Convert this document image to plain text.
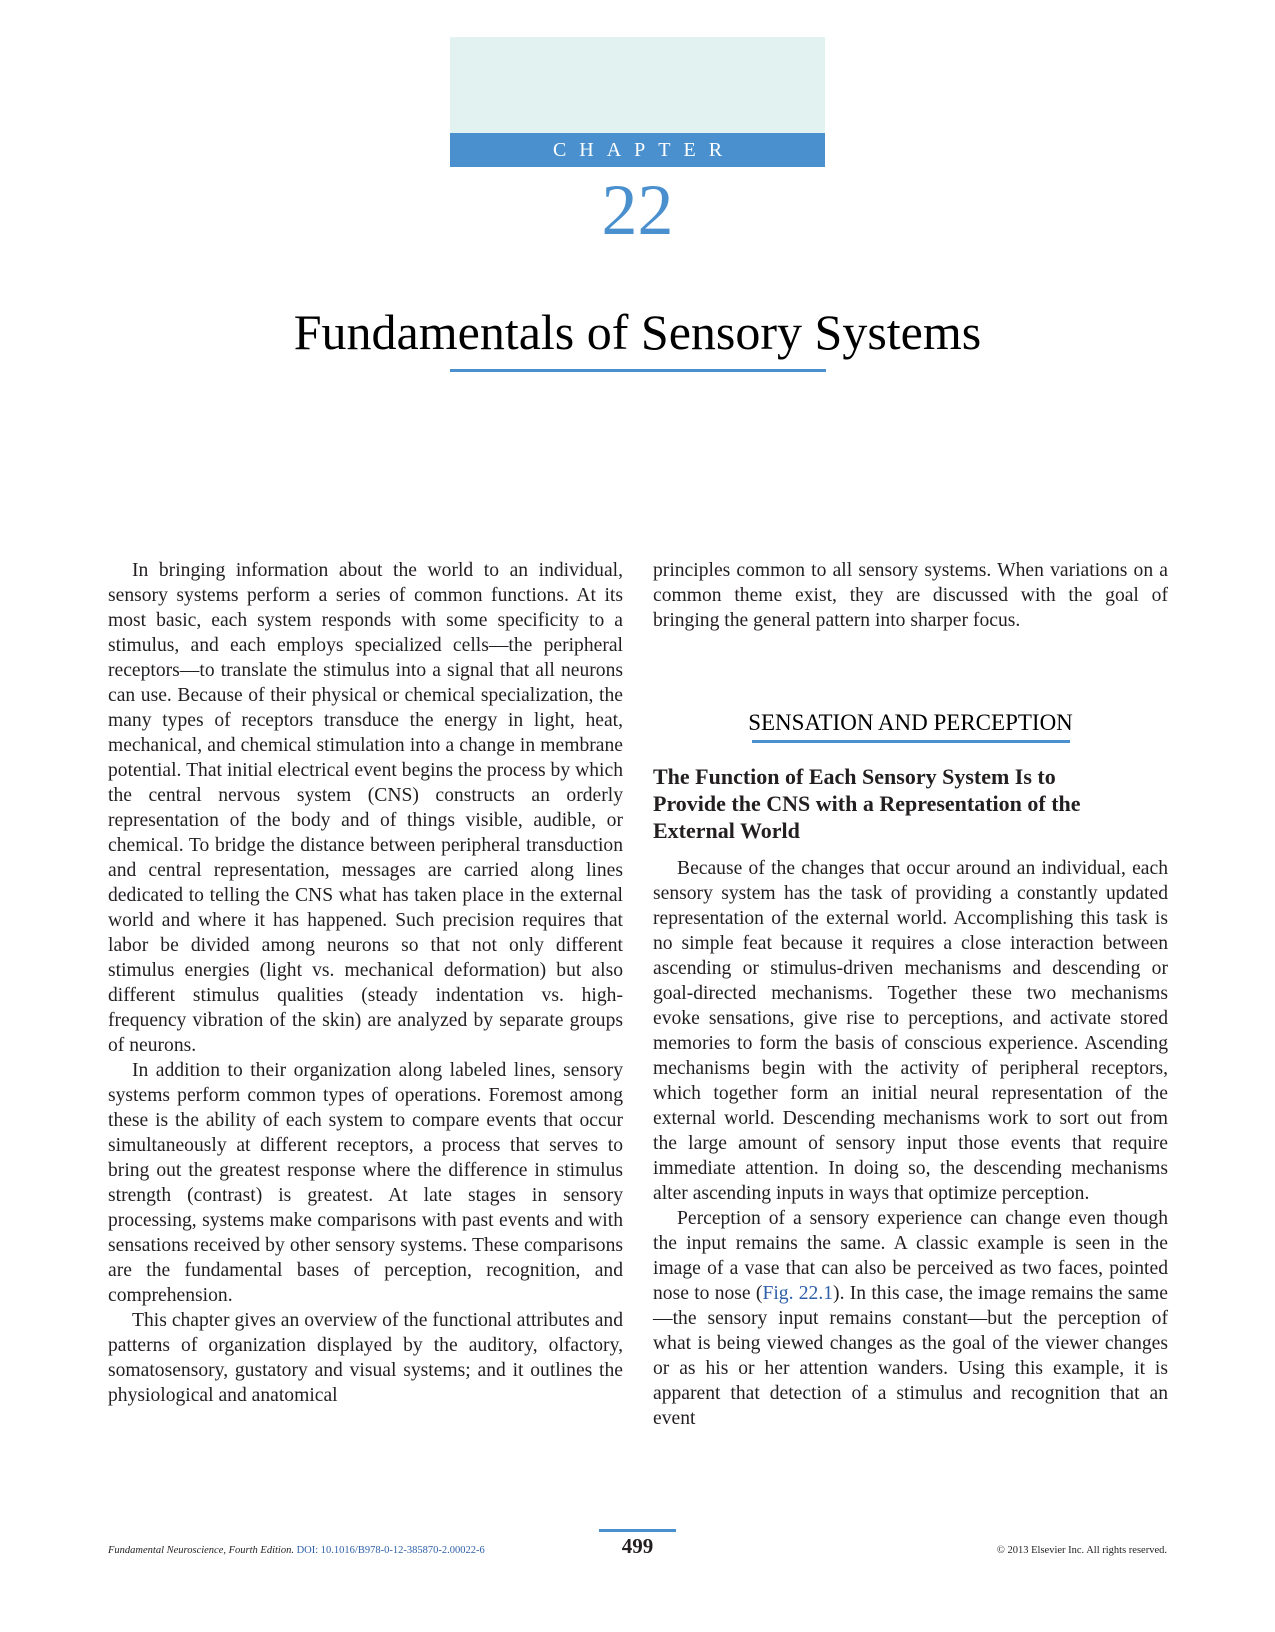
CHAPTER
22
Fundamentals of Sensory Systems

In bringing information about the world to an individual, sensory systems perform a series of common functions. At its most basic, each system responds with some specificity to a stimulus, and each employs specialized cells—the peripheral receptors—to translate the stimulus into a signal that all neurons can use. Because of their physical or chemical specialization, the many types of receptors transduce the energy in light, heat, mechanical, and chemical stimulation into a change in membrane potential. That initial electrical event begins the process by which the central nervous system (CNS) constructs an orderly representation of the body and of things visible, audible, or chemical. To bridge the distance between peripheral transduction and central representation, messages are carried along lines dedicated to telling the CNS what has taken place in the external world and where it has happened. Such precision requires that labor be divided among neurons so that not only different stimulus energies (light vs. mechanical deformation) but also different stimulus qualities (steady indentation vs. high-frequency vibration of the skin) are analyzed by separate groups of neurons.

In addition to their organization along labeled lines, sensory systems perform common types of operations. Foremost among these is the ability of each system to compare events that occur simultaneously at different receptors, a process that serves to bring out the greatest response where the difference in stimulus strength (contrast) is greatest. At late stages in sensory processing, systems make comparisons with past events and with sensations received by other sensory systems. These comparisons are the fundamental bases of perception, recognition, and comprehension.

This chapter gives an overview of the functional attributes and patterns of organization displayed by the auditory, olfactory, somatosensory, gustatory and visual systems; and it outlines the physiological and anatomical

principles common to all sensory systems. When variations on a common theme exist, they are discussed with the goal of bringing the general pattern into sharper focus.

SENSATION AND PERCEPTION
The Function of Each Sensory System Is to Provide the CNS with a Representation of the External World

Because of the changes that occur around an individual, each sensory system has the task of providing a constantly updated representation of the external world. Accomplishing this task is no simple feat because it requires a close interaction between ascending or stimulus-driven mechanisms and descending or goal-directed mechanisms. Together these two mechanisms evoke sensations, give rise to perceptions, and activate stored memories to form the basis of conscious experience. Ascending mechanisms begin with the activity of peripheral receptors, which together form an initial neural representation of the external world. Descending mechanisms work to sort out from the large amount of sensory input those events that require immediate attention. In doing so, the descending mechanisms alter ascending inputs in ways that optimize perception.

Perception of a sensory experience can change even though the input remains the same. A classic example is seen in the image of a vase that can also be perceived as two faces, pointed nose to nose (Fig. 22.1). In this case, the image remains the same—the sensory input remains constant—but the perception of what is being viewed changes as the goal of the viewer changes or as his or her attention wanders. Using this example, it is apparent that detection of a stimulus and recognition that an event

Fundamental Neuroscience, Fourth Edition. DOI: 10.1016/B978-0-12-385870-2.00022-6	499	© 2013 Elsevier Inc. All rights reserved.
